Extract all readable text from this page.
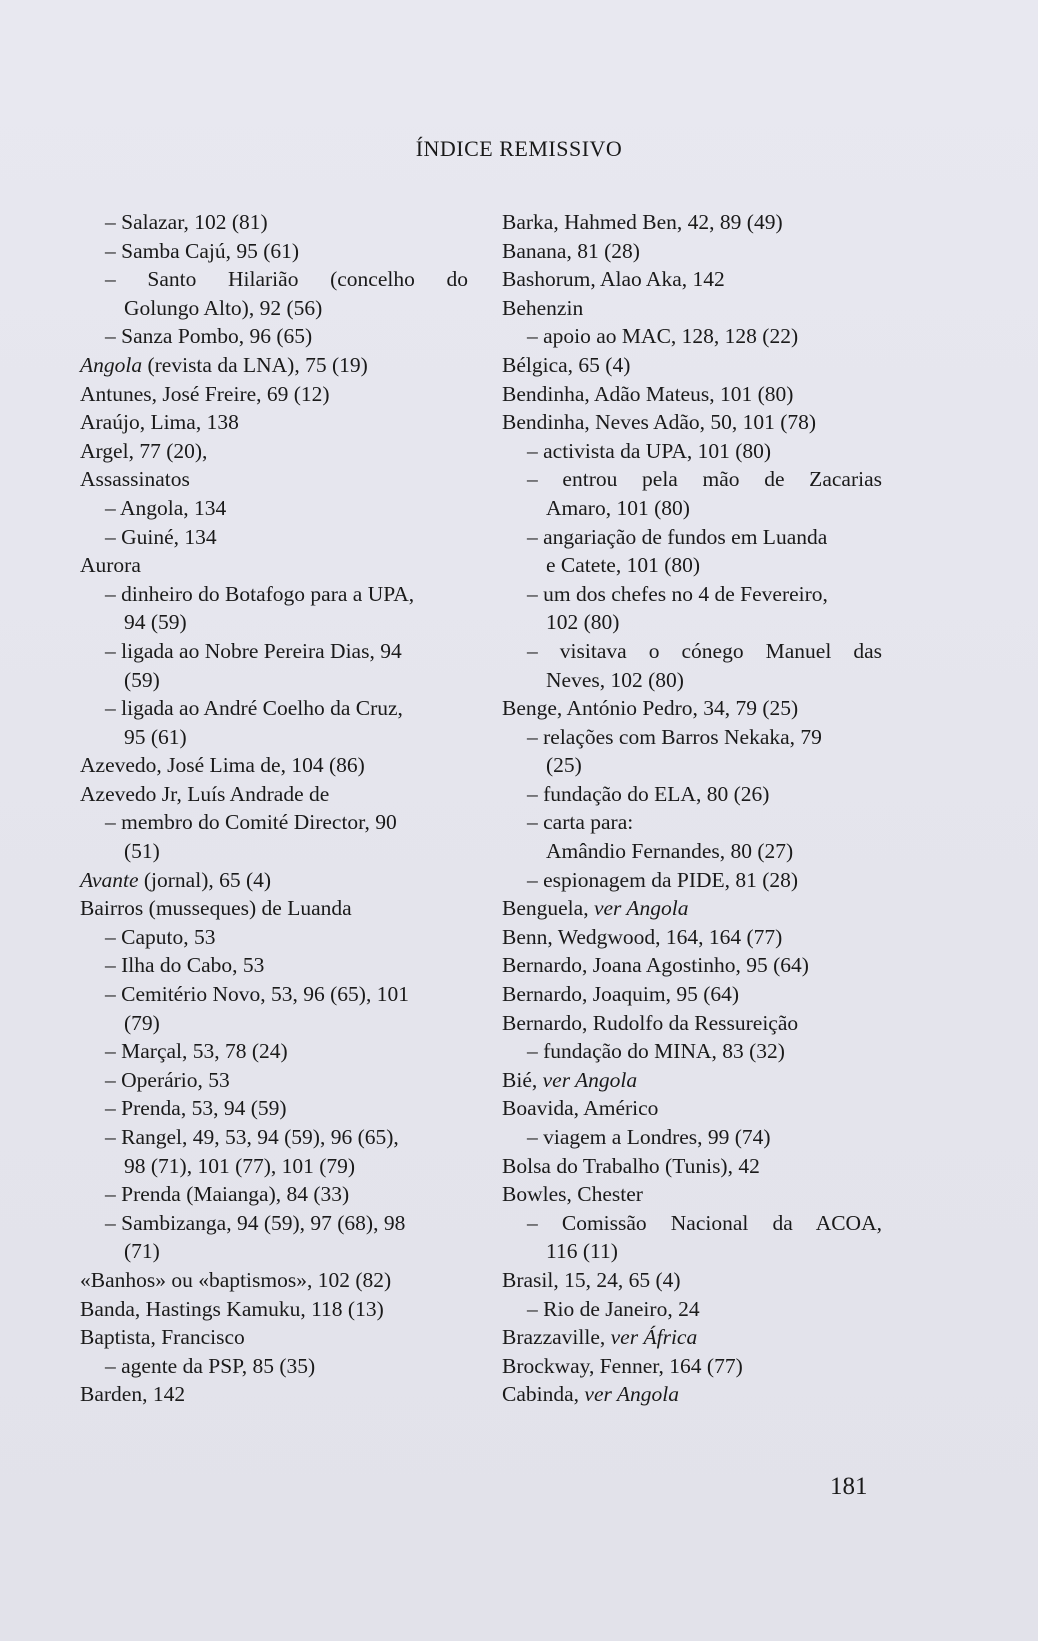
ÍNDICE REMISSIVO
– Salazar, 102 (81)
– Samba Cajú, 95 (61)
– Santo Hilarião (concelho do
Golungo Alto), 92 (56)
– Sanza Pombo, 96 (65)
Angola (revista da LNA), 75 (19)
Antunes, José Freire, 69 (12)
Araújo, Lima, 138
Argel, 77 (20),
Assassinatos
– Angola, 134
– Guiné, 134
Aurora
– dinheiro do Botafogo para a UPA,
94 (59)
– ligada ao Nobre Pereira Dias, 94
(59)
– ligada ao André Coelho da Cruz,
95 (61)
Azevedo, José Lima de, 104 (86)
Azevedo Jr, Luís Andrade de
– membro do Comité Director, 90
(51)
Avante (jornal), 65 (4)
Bairros (musseques) de Luanda
– Caputo, 53
– Ilha do Cabo, 53
– Cemitério Novo, 53, 96 (65), 101
(79)
– Marçal, 53, 78 (24)
– Operário, 53
– Prenda, 53, 94 (59)
– Rangel, 49, 53, 94 (59), 96 (65),
98 (71), 101 (77), 101 (79)
– Prenda (Maianga), 84 (33)
– Sambizanga, 94 (59), 97 (68), 98
(71)
«Banhos» ou «baptismos», 102 (82)
Banda, Hastings Kamuku, 118 (13)
Baptista, Francisco
– agente da PSP, 85 (35)
Barden, 142
Barka, Hahmed Ben, 42, 89 (49)
Banana, 81 (28)
Bashorum, Alao Aka, 142
Behenzin
– apoio ao MAC, 128, 128 (22)
Bélgica, 65 (4)
Bendinha, Adão Mateus, 101 (80)
Bendinha, Neves Adão, 50, 101 (78)
– activista da UPA, 101 (80)
– entrou pela mão de Zacarias
Amaro, 101 (80)
– angariação de fundos em Luanda
e Catete, 101 (80)
– um dos chefes no 4 de Fevereiro,
102 (80)
– visitava o cónego Manuel das
Neves, 102 (80)
Benge, António Pedro, 34, 79 (25)
– relações com Barros Nekaka, 79
(25)
– fundação do ELA, 80 (26)
– carta para:
Amândio Fernandes, 80 (27)
– espionagem da PIDE, 81 (28)
Benguela, ver Angola
Benn, Wedgwood, 164, 164 (77)
Bernardo, Joana Agostinho, 95 (64)
Bernardo, Joaquim, 95 (64)
Bernardo, Rudolfo da Ressureição
– fundação do MINA, 83 (32)
Bié, ver Angola
Boavida, Américo
– viagem a Londres, 99 (74)
Bolsa do Trabalho (Tunis), 42
Bowles, Chester
– Comissão Nacional da ACOA,
116 (11)
Brasil, 15, 24, 65 (4)
– Rio de Janeiro, 24
Brazzaville, ver África
Brockway, Fenner, 164 (77)
Cabinda, ver Angola
181
